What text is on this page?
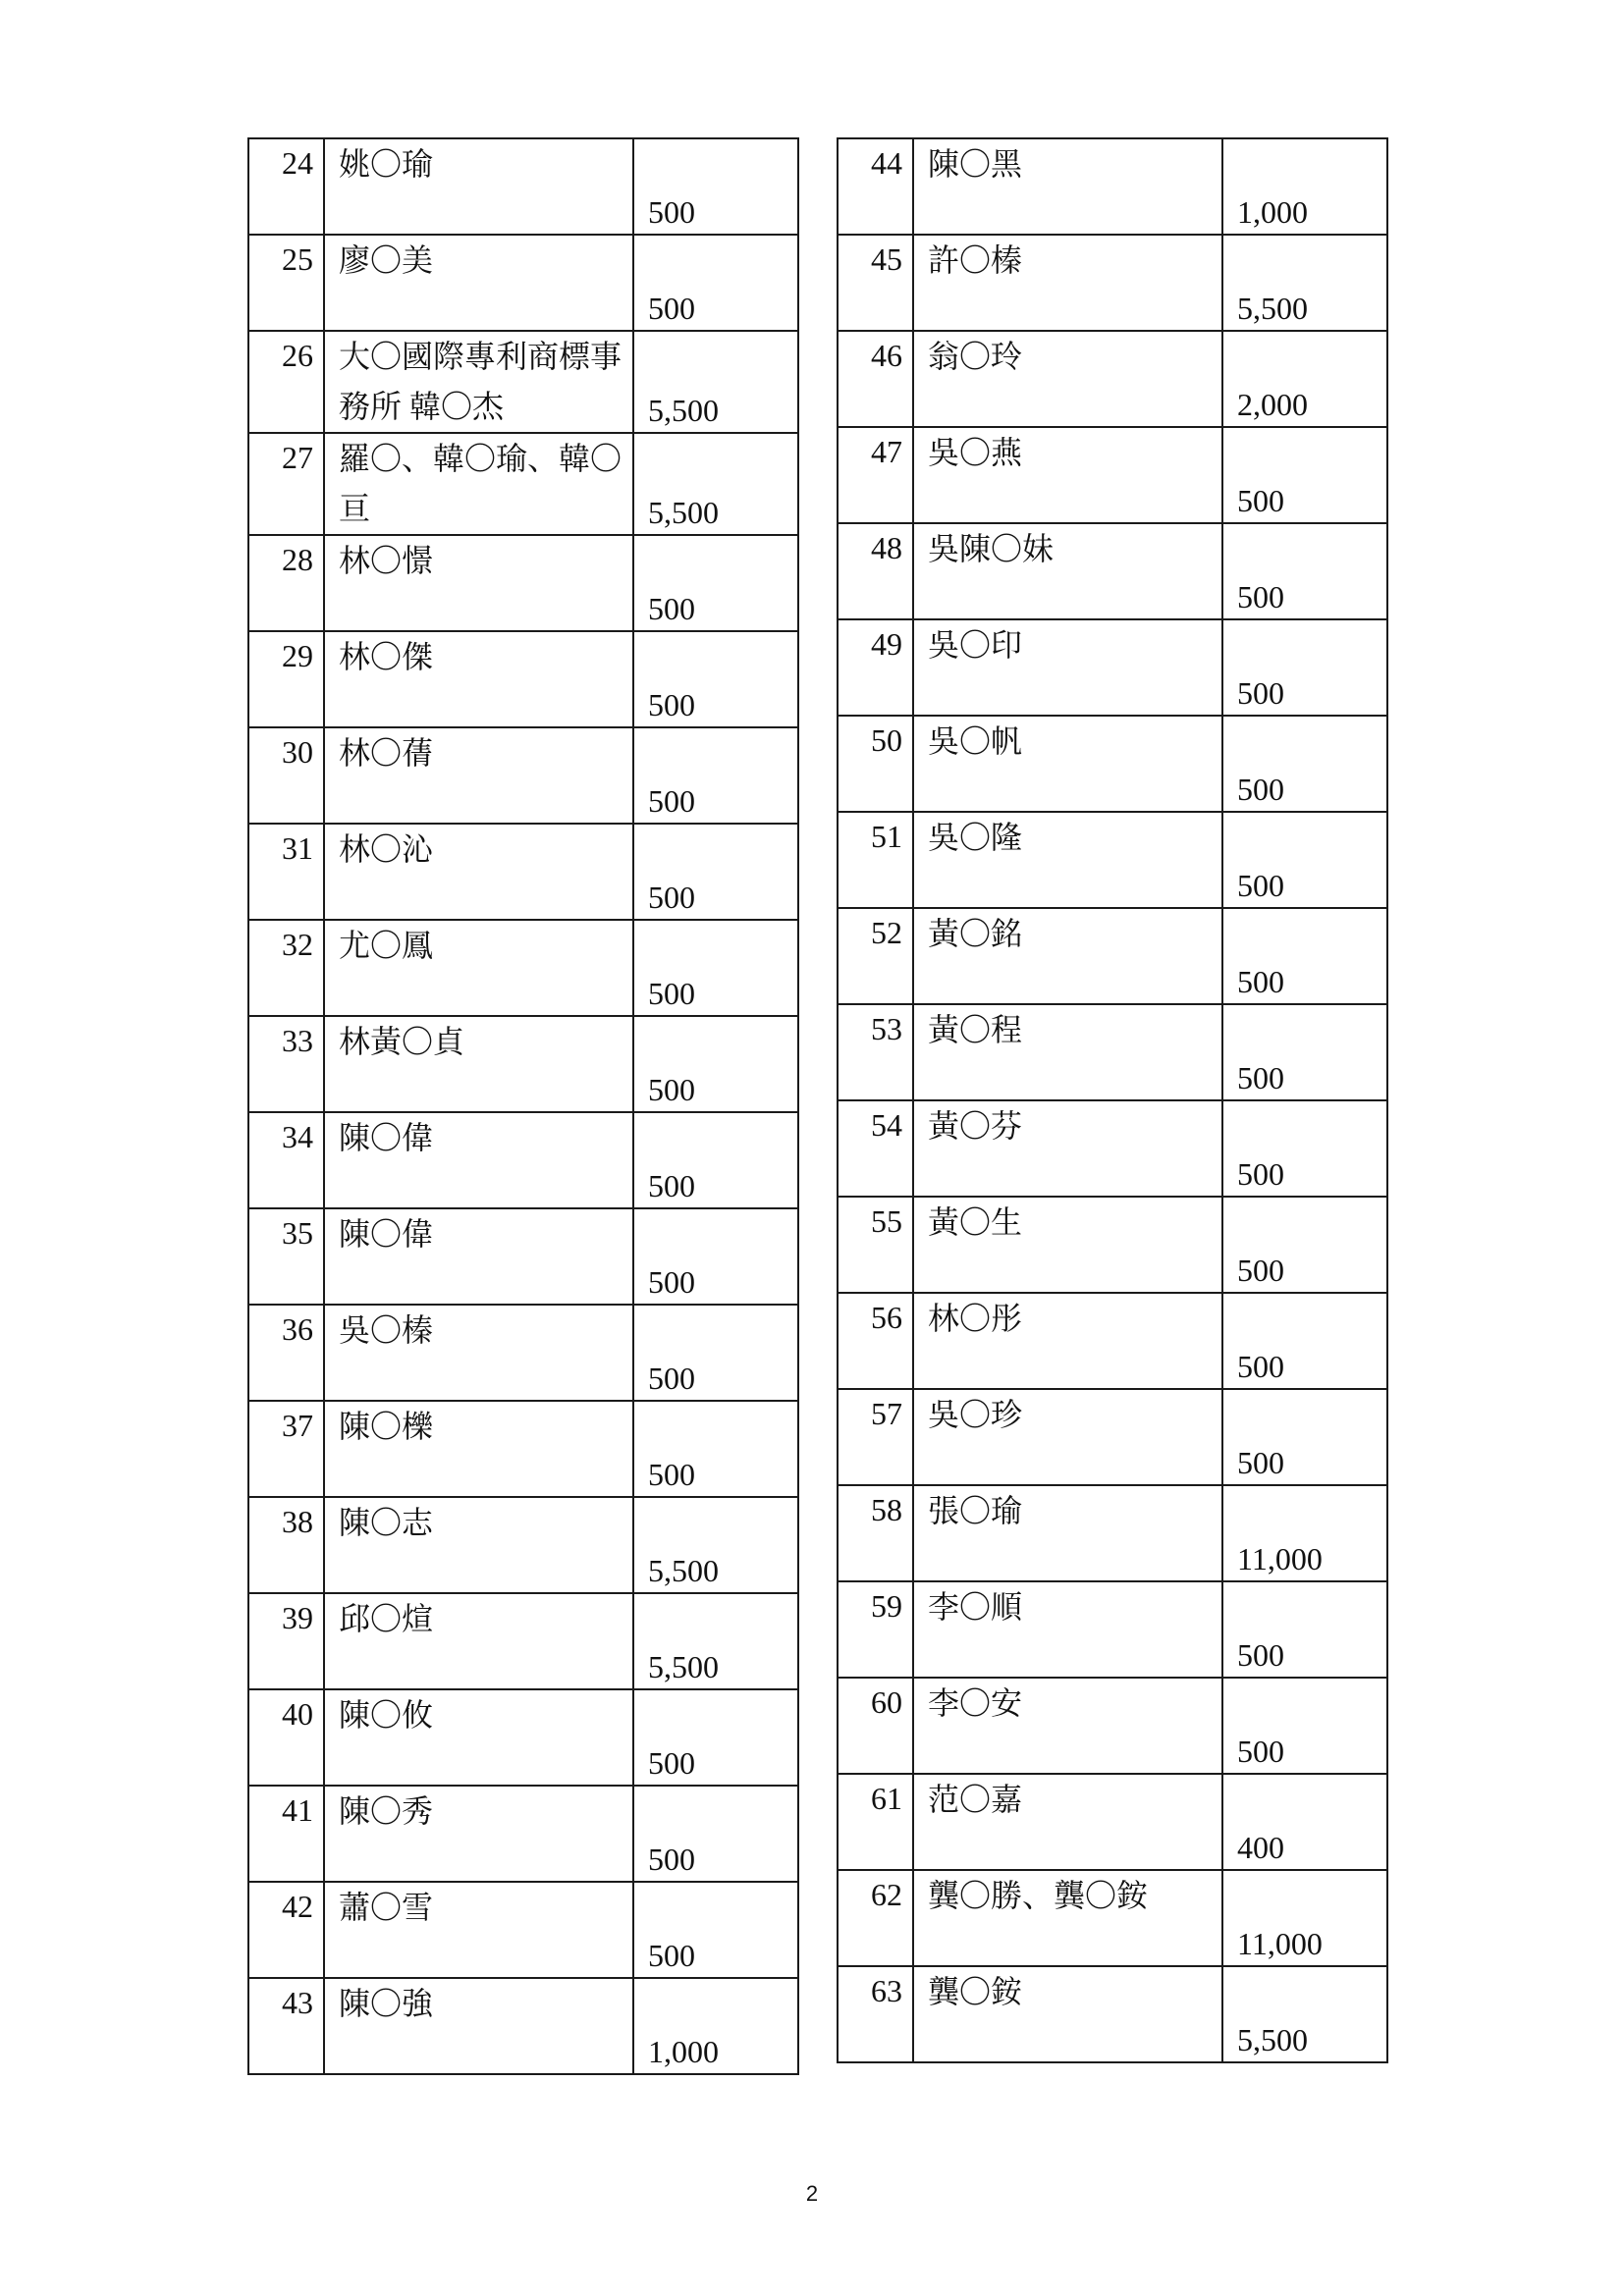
24	姚〇瑜	500
25	廖〇美	500
26	大〇國際專利商標事務所 韓〇杰	5,500
27	羅〇、韓〇瑜、韓〇亘	5,500
28	林〇憬	500
29	林〇傑	500
30	林〇蒨	500
31	林〇沁	500
32	尤〇鳳	500
33	林黃〇貞	500
34	陳〇偉	500
35	陳〇偉	500
36	吳〇榛	500
37	陳〇櫟	500
38	陳〇志	5,500
39	邱〇煊	5,500
40	陳〇攸	500
41	陳〇秀	500
42	蕭〇雪	500
43	陳〇強	1,000
44	陳〇黑	1,000
45	許〇榛	5,500
46	翁〇玲	2,000
47	吳〇燕	500
48	吳陳〇妹	500
49	吳〇印	500
50	吳〇帆	500
51	吳〇隆	500
52	黃〇銘	500
53	黃〇程	500
54	黃〇芬	500
55	黃〇生	500
56	林〇彤	500
57	吳〇珍	500
58	張〇瑜	11,000
59	李〇順	500
60	李〇安	500
61	范〇嘉	400
62	龔〇勝、龔〇銨	11,000
63	龔〇銨	5,500
2
